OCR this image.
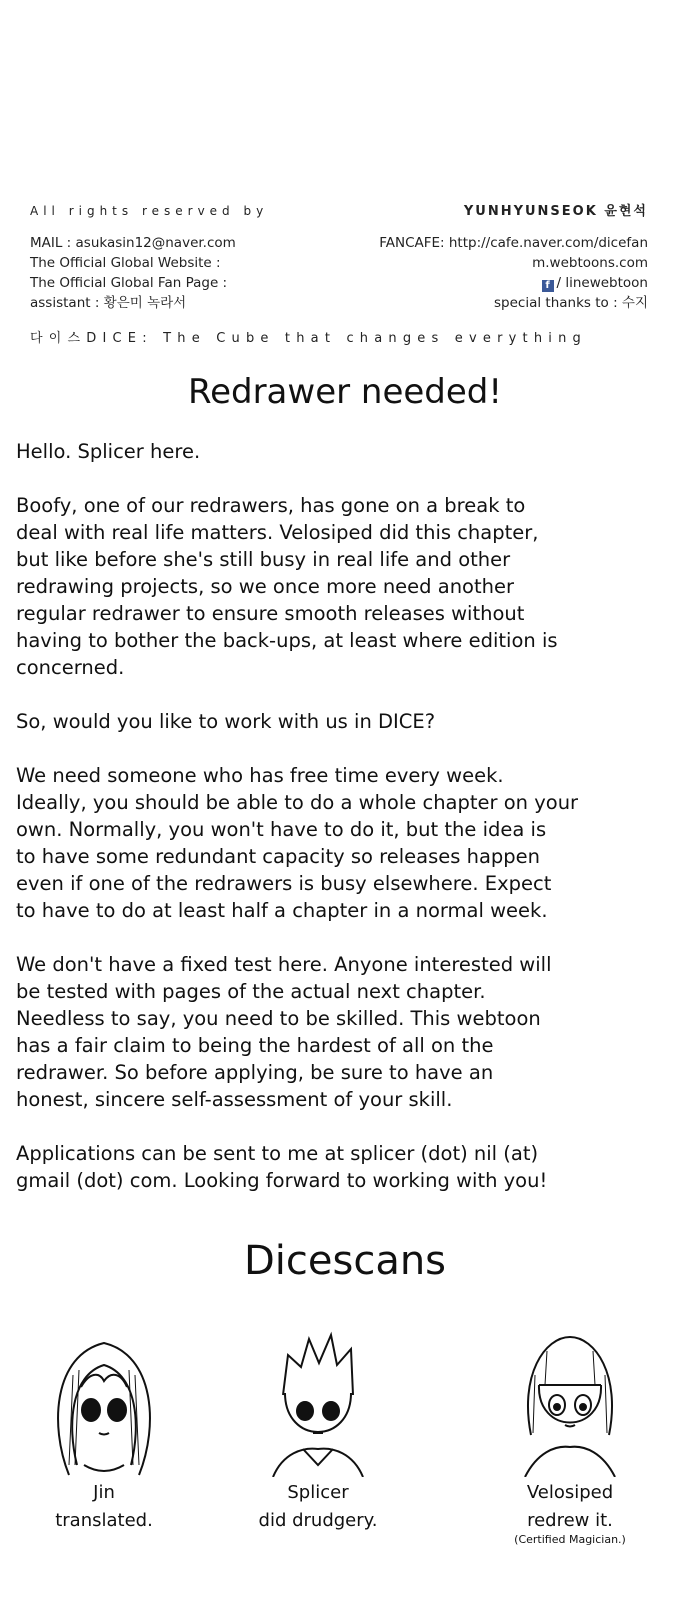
All rights reserved by	YUNHYUNSEOK 윤현석
MAIL : asukasin12@naver.com	FANCAFE: http://cafe.naver.com/dicefan
The Official Global Website :	m.webtoons.com
The Official Global Fan Page :	f / linewebtoon
assistant : 황은미 녹라서	special thanks to : 수지
다이스DICE: The Cube that changes everything
Redrawer needed!

Hello. Splicer here.

Boofy, one of our redrawers, has gone on a break to
deal with real life matters. Velosiped did this chapter,
but like before she's still busy in real life and other
redrawing projects, so we once more need another
regular redrawer to ensure smooth releases without
having to bother the back-ups, at least where edition is
concerned.

So, would you like to work with us in DICE?

We need someone who has free time every week.
Ideally, you should be able to do a whole chapter on your
own. Normally, you won't have to do it, but the idea is
to have some redundant capacity so releases happen
even if one of the redrawers is busy elsewhere. Expect
to have to do at least half a chapter in a normal week.

We don't have a fixed test here. Anyone interested will
be tested with pages of the actual next chapter.
Needless to say, you need to be skilled. This webtoon
has a fair claim to being the hardest of all on the
redrawer. So before applying, be sure to have an
honest, sincere self-assessment of your skill.

Applications can be sent to me at splicer (dot) nil (at)
gmail (dot) com. Looking forward to working with you!

Dicescans
Jin
translated.
Splicer
did drudgery.
Velosiped
redrew it.
(Certified Magician.)
